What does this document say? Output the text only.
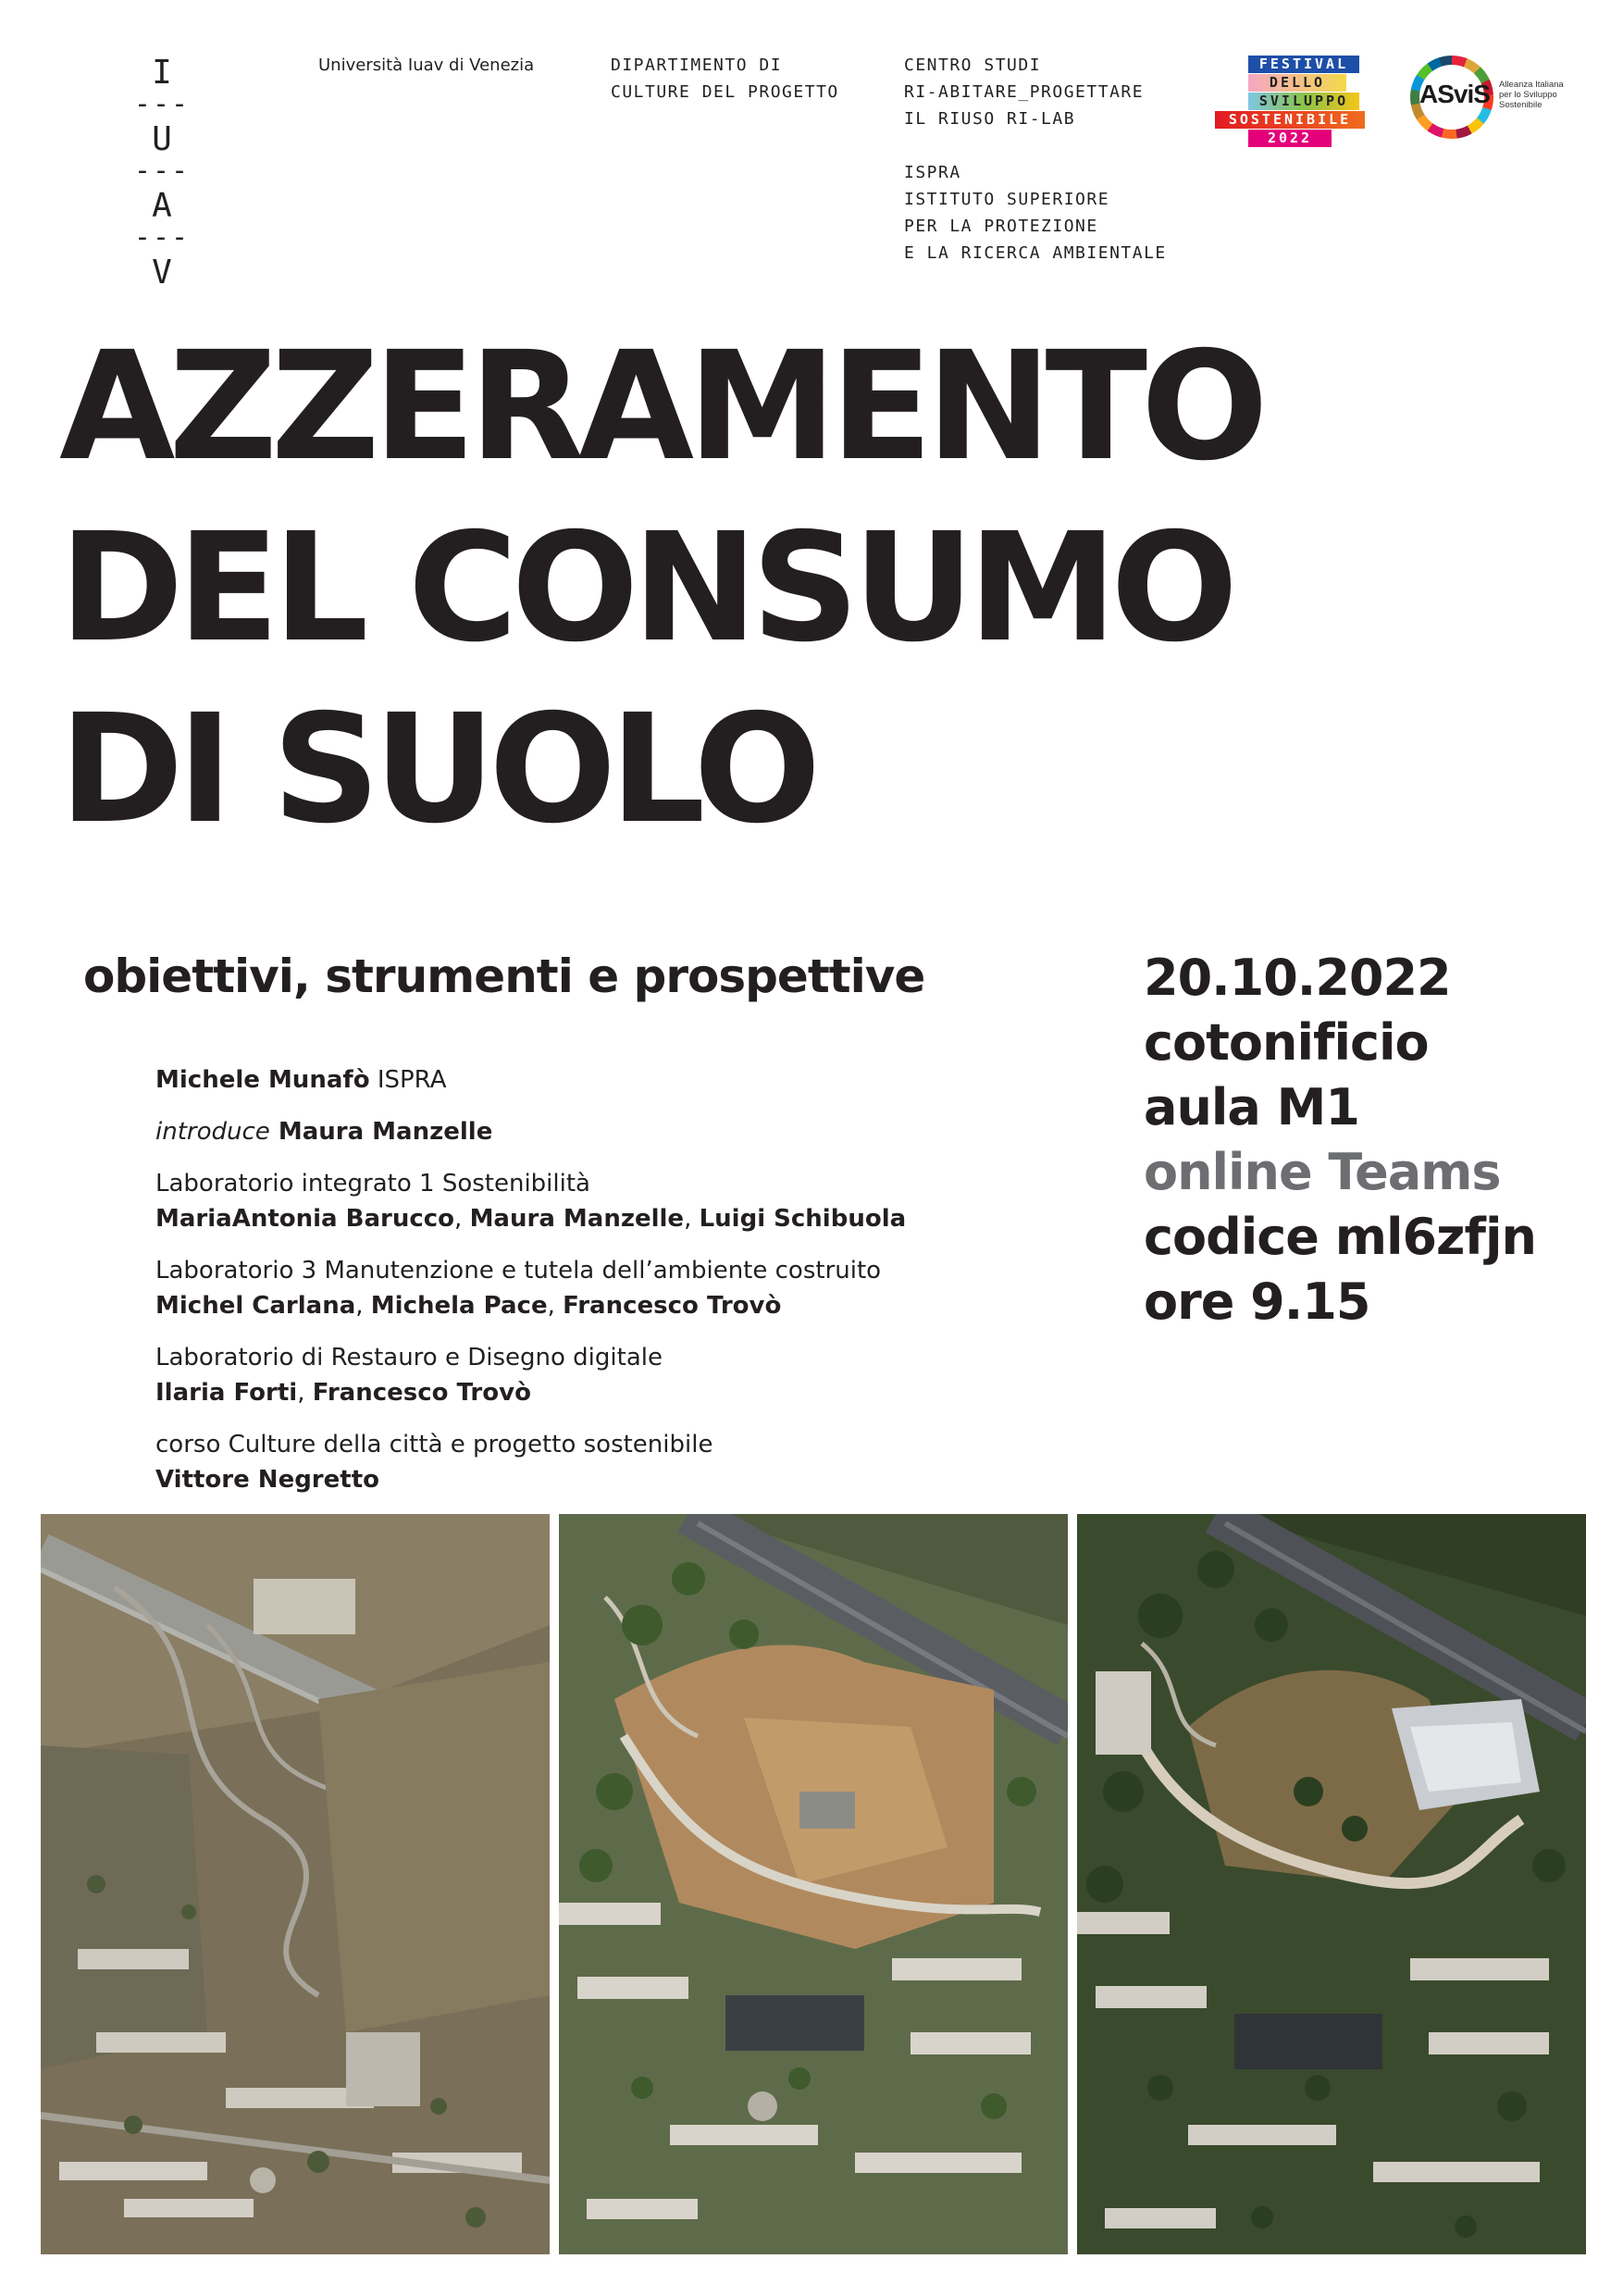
I
---
U
---
A
---
V
Università Iuav di Venezia	DIPARTIMENTO DI
CULTURE DEL PROGETTO
CENTRO STUDI
RI-ABITARE_PROGETTARE
IL RIUSO RI-LAB
ISPRA
ISTITUTO SUPERIORE
PER LA PROTEZIONE
E LA RICERCA AMBIENTALE
FESTIVAL
DELLO
SVILUPPO
SOSTENIBILE
2022
ASviS Alleanza Italiana per lo Sviluppo Sostenibile
AZZERAMENTO
DEL CONSUMO
DI SUOLO
obiettivi, strumenti e prospettive
Michele Munafò ISPRA
introduce Maura Manzelle
Laboratorio integrato 1 Sostenibilità
MariaAntonia Barucco, Maura Manzelle, Luigi Schibuola
Laboratorio 3 Manutenzione e tutela dell’ambiente costruito
Michel Carlana, Michela Pace, Francesco Trovò
Laboratorio di Restauro e Disegno digitale
Ilaria Forti, Francesco Trovò
corso Culture della città e progetto sostenibile
Vittore Negretto
20.10.2022
cotonificio
aula M1
online Teams
codice ml6zfjn
ore 9.15
